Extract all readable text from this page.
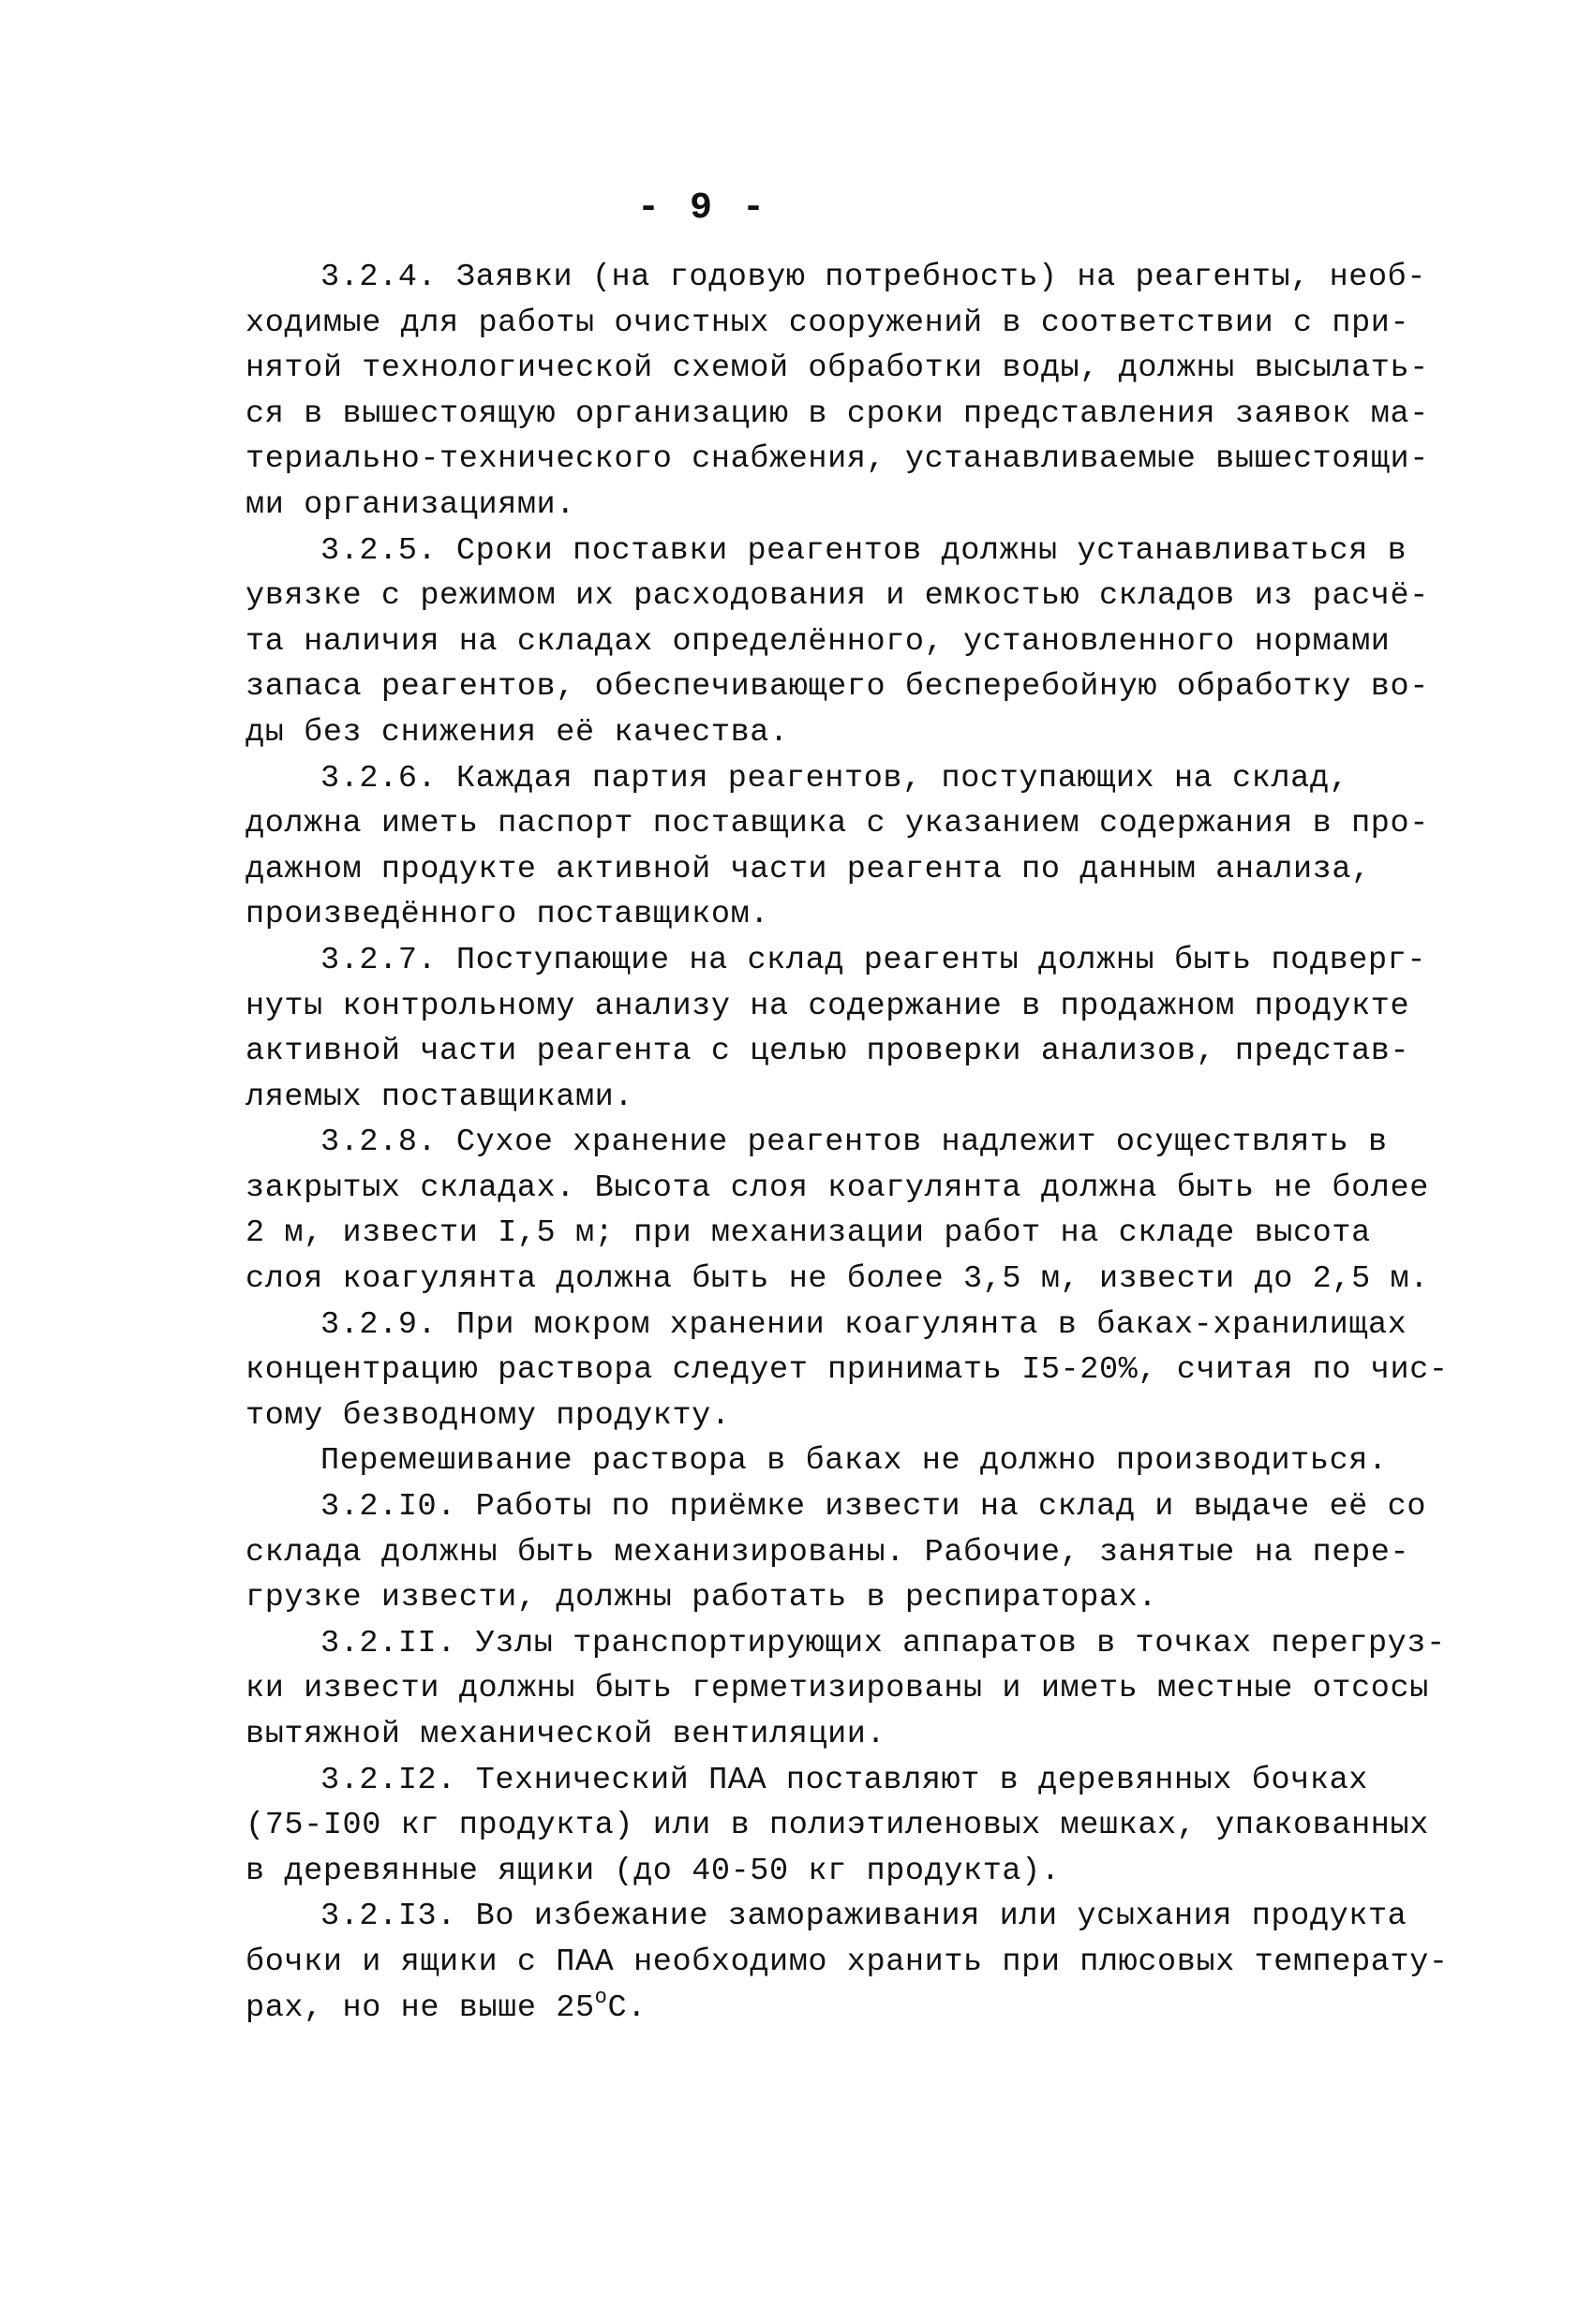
- 9 -
3.2.4. Заявки (на годовую потребность) на реагенты, необ-
ходимые для работы очистных сооружений в соответствии с при-
нятой технологической схемой обработки воды, должны высылать-
ся в вышестоящую организацию в сроки представления заявок ма-
териально-технического снабжения, устанавливаемые вышестоящи-
ми организациями.
3.2.5. Сроки поставки реагентов должны устанавливаться в
увязке с режимом их расходования и емкостью складов из расчё-
та наличия на складах определённого, установленного нормами
запаса реагентов, обеспечивающего бесперебойную обработку во-
ды без снижения её качества.
3.2.6. Каждая партия реагентов, поступающих на склад,
должна иметь паспорт поставщика с указанием содержания в про-
дажном продукте активной части реагента по данным анализа,
произведённого поставщиком.
3.2.7. Поступающие на склад реагенты должны быть подверг-
нуты контрольному анализу на содержание в продажном продукте
активной части реагента с целью проверки анализов, представ-
ляемых поставщиками.
3.2.8. Сухое хранение реагентов надлежит осуществлять в
закрытых складах. Высота слоя коагулянта должна быть не более
2 м, извести I,5 м; при механизации работ на складе высота
слоя коагулянта должна быть не более 3,5 м, извести до 2,5 м.
3.2.9. При мокром хранении коагулянта в баках-хранилищах
концентрацию раствора следует принимать I5-20%, считая по чис-
тому безводному продукту.
Перемешивание раствора в баках не должно производиться.
3.2.I0. Работы по приёмке извести на склад и выдаче её со
склада должны быть механизированы. Рабочие, занятые на пере-
грузке извести, должны работать в респираторах.
3.2.II. Узлы транспортирующих аппаратов в точках перегруз-
ки извести должны быть герметизированы и иметь местные отсосы
вытяжной механической вентиляции.
3.2.I2. Технический ПАА поставляют в деревянных бочках
(75-I00 кг продукта) или в полиэтиленовых мешках, упакованных
в деревянные ящики (до 40-50 кг продукта).
3.2.I3. Во избежание замораживания или усыхания продукта
бочки и ящики с ПАА необходимо хранить при плюсовых температу-
рах, но не выше $25^оС$.
